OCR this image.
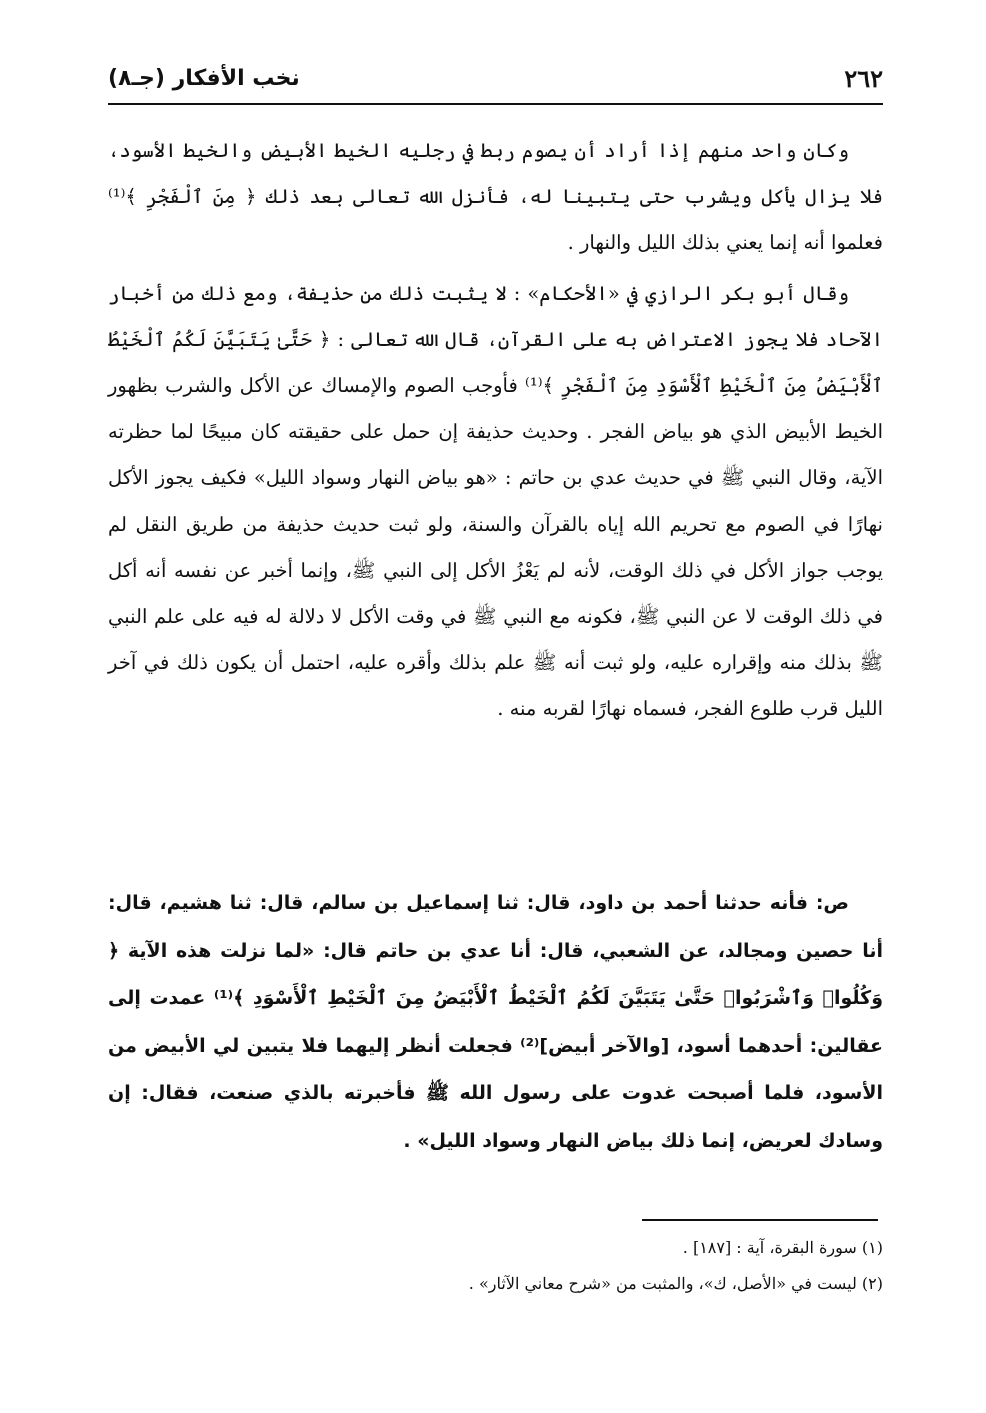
٢٦٢
نخب الأفكار (جـ٨)

وكان واحد منهم إذا أراد أن يصوم ربط في رجليه الخيط الأبيض والخيط الأسود، فلا يزال يأكل ويشرب حتى يتبينا له، فأنزل الله تعالى بعد ذلك ﴿ مِنَ ٱلْفَجْرِ ﴾⁽¹⁾ فعلموا أنه إنما يعني بذلك الليل والنهار .

وقال أبو بكر الرازي في «الأحكام» : لا يثبت ذلك من حذيفة، ومع ذلك من أخبار الآحاد فلا يجوز الاعتراض به على القرآن، قال الله تعالى : ﴿ حَتَّىٰ يَتَبَيَّنَ لَكُمُ ٱلْخَيْطُ ٱلْأَبْيَضُ مِنَ ٱلْخَيْطِ ٱلْأَسْوَدِ مِنَ ٱلْفَجْرِ ﴾⁽¹⁾ فأوجب الصوم والإمساك عن الأكل والشرب بظهور الخيط الأبيض الذي هو بياض الفجر . وحديث حذيفة إن حمل على حقيقته كان مبيحًا لما حظرته الآية، وقال النبي ﷺ في حديث عدي بن حاتم : «هو بياض النهار وسواد الليل» فكيف يجوز الأكل نهارًا في الصوم مع تحريم الله إياه بالقرآن والسنة، ولو ثبت حديث حذيفة من طريق النقل لم يوجب جواز الأكل في ذلك الوقت، لأنه لم يَعْزُ الأكل إلى النبي ﷺ، وإنما أخبر عن نفسه أنه أكل في ذلك الوقت لا عن النبي ﷺ، فكونه مع النبي ﷺ في وقت الأكل لا دلالة له فيه على علم النبي ﷺ بذلك منه وإقراره عليه، ولو ثبت أنه ﷺ علم بذلك وأقره عليه، احتمل أن يكون ذلك في آخر الليل قرب طلوع الفجر، فسماه نهارًا لقربه منه .

ص: فأنه حدثنا أحمد بن داود، قال: ثنا إسماعيل بن سالم، قال: ثنا هشيم، قال: أنا حصين ومجالد، عن الشعبي، قال: أنا عدي بن حاتم قال: «لما نزلت هذه الآية ﴿ وَكُلُوا۟ وَٱشْرَبُوا۟ حَتَّىٰ يَتَبَيَّنَ لَكُمُ ٱلْخَيْطُ ٱلْأَبْيَضُ مِنَ ٱلْخَيْطِ ٱلْأَسْوَدِ ﴾⁽¹⁾ عمدت إلى عقالين: أحدهما أسود، [والآخر أبيض]⁽²⁾ فجعلت أنظر إليهما فلا يتبين لي الأبيض من الأسود، فلما أصبحت غدوت على رسول الله ﷺ فأخبرته بالذي صنعت، فقال: إن وسادك لعريض، إنما ذلك بياض النهار وسواد الليل» .

(١) سورة البقرة، آية : [١٨٧] .

(٢) ليست في «الأصل، ك»، والمثبت من «شرح معاني الآثار» .
